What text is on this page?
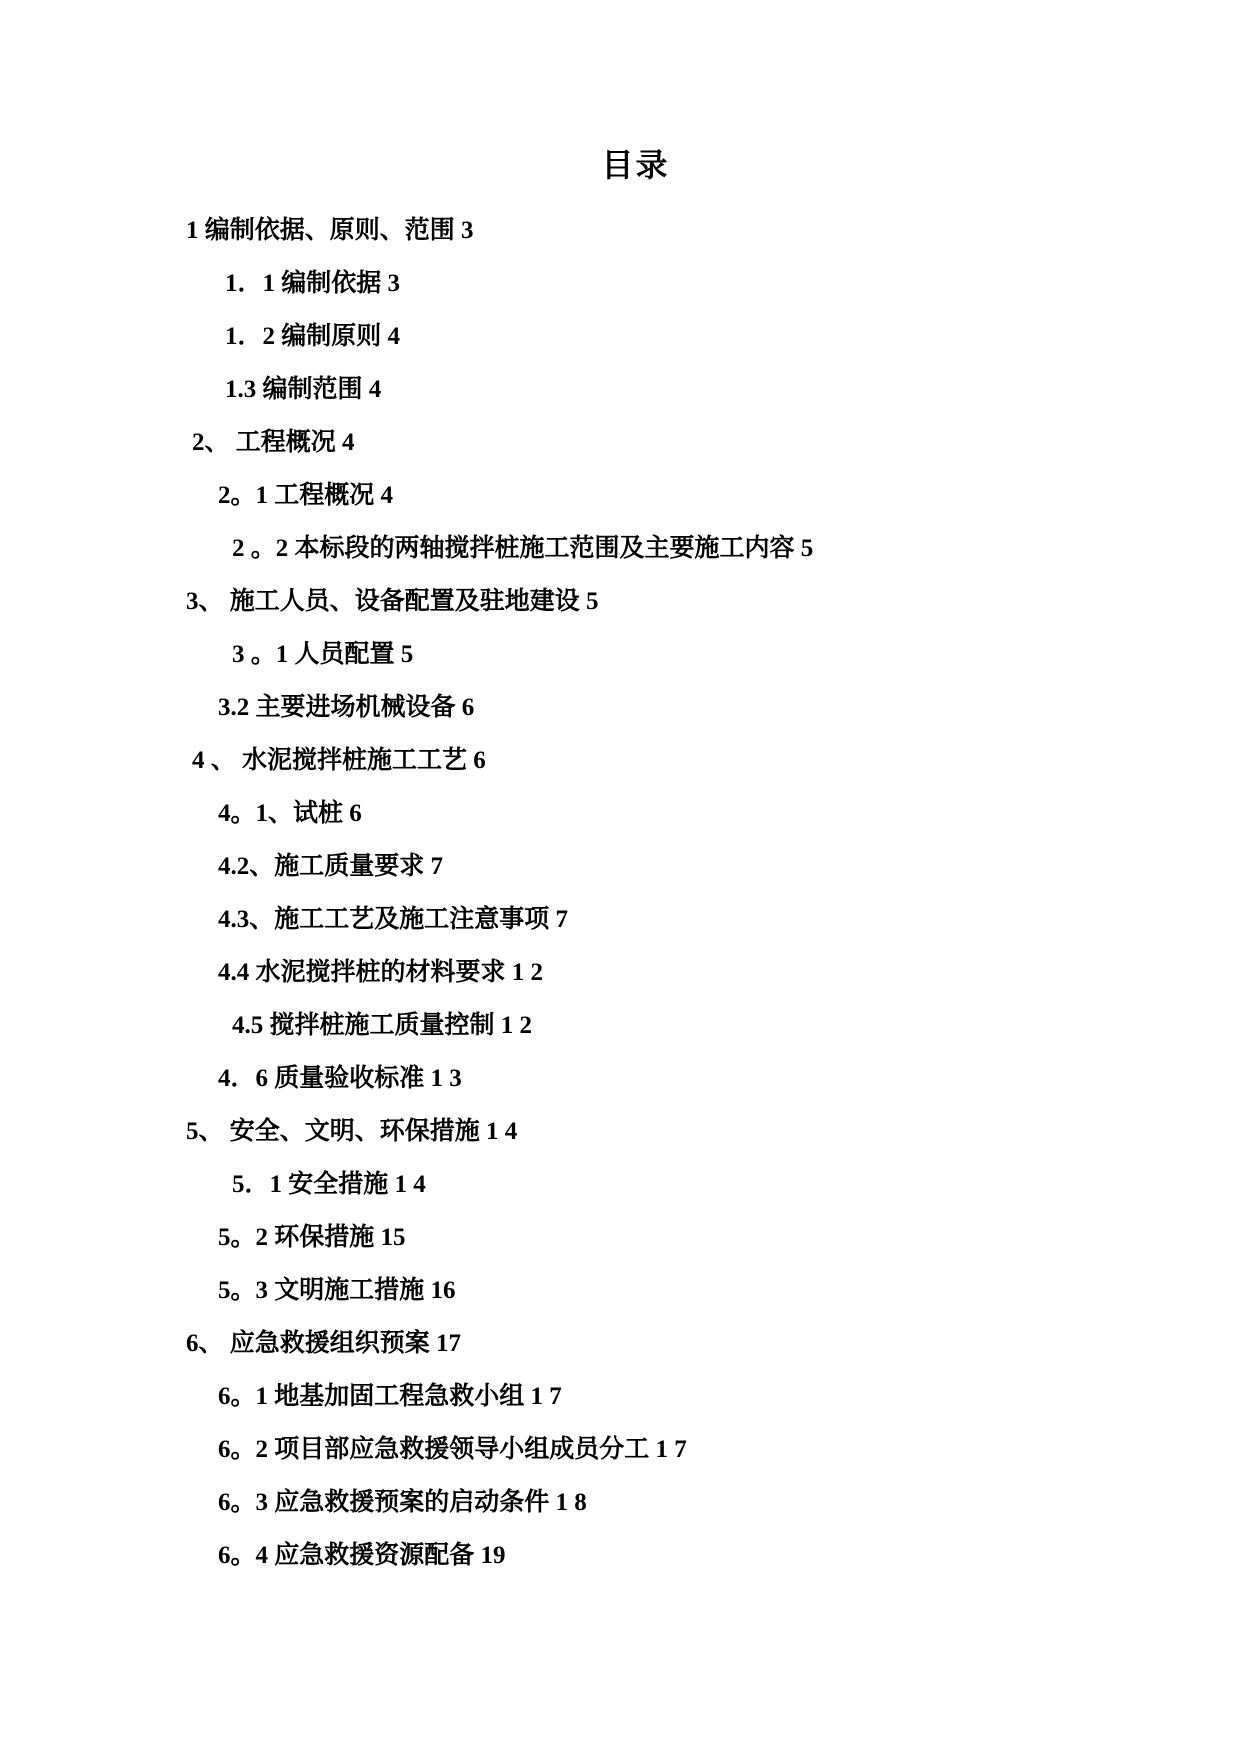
目录
1 编制依据、原则、范围 3
1．1 编制依据 3
1．2 编制原则 4
1.3 编制范围 4
2、 工程概况 4
2。1 工程概况 4
2 。2 本标段的两轴搅拌桩施工范围及主要施工内容 5
3、 施工人员、设备配置及驻地建设 5
3 。1 人员配置 5
3.2 主要进场机械设备 6
4 、 水泥搅拌桩施工工艺 6
4。1、试桩 6
4.2、施工质量要求 7
4.3、施工工艺及施工注意事项 7
4.4 水泥搅拌桩的材料要求 1 2
4.5 搅拌桩施工质量控制 1 2
4．6 质量验收标准 1 3
5、 安全、文明、环保措施 1 4
5．1 安全措施 1 4
5。2 环保措施 15
5。3 文明施工措施 16
6、 应急救援组织预案 17
6。1 地基加固工程急救小组 1 7
6。2 项目部应急救援领导小组成员分工 1 7
6。3 应急救援预案的启动条件 1 8
6。4 应急救援资源配备 19
